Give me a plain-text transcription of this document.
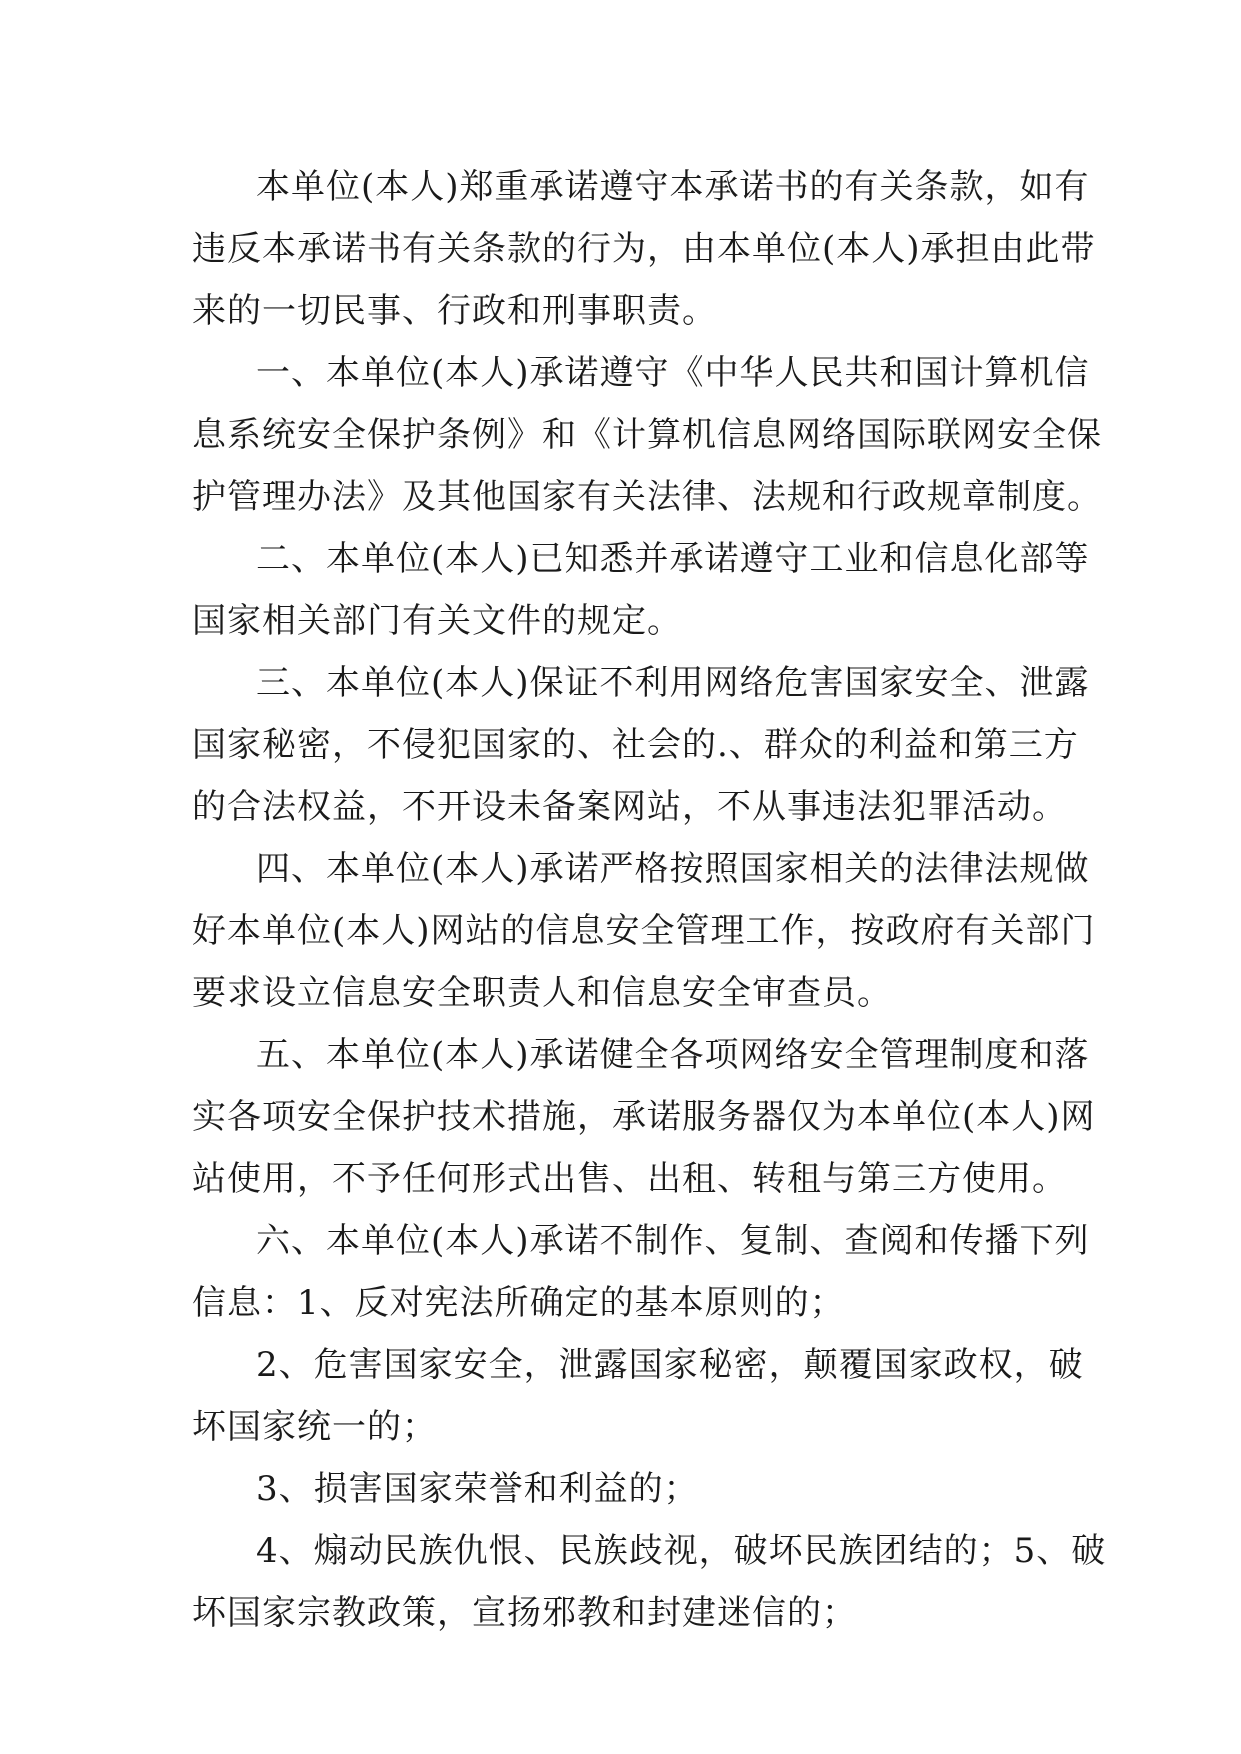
本单位(本人)郑重承诺遵守本承诺书的有关条款，如有
违反本承诺书有关条款的行为，由本单位(本人)承担由此带
来的一切民事、行政和刑事职责。
一、本单位(本人)承诺遵守《中华人民共和国计算机信
息系统安全保护条例》和《计算机信息网络国际联网安全保
护管理办法》及其他国家有关法律、法规和行政规章制度。
二、本单位(本人)已知悉并承诺遵守工业和信息化部等
国家相关部门有关文件的规定。
三、本单位(本人)保证不利用网络危害国家安全、泄露
国家秘密，不侵犯国家的、社会的.、群众的利益和第三方
的合法权益，不开设未备案网站，不从事违法犯罪活动。
四、本单位(本人)承诺严格按照国家相关的法律法规做
好本单位(本人)网站的信息安全管理工作，按政府有关部门
要求设立信息安全职责人和信息安全审查员。
五、本单位(本人)承诺健全各项网络安全管理制度和落
实各项安全保护技术措施，承诺服务器仅为本单位(本人)网
站使用，不予任何形式出售、出租、转租与第三方使用。
六、本单位(本人)承诺不制作、复制、查阅和传播下列
信息：1、反对宪法所确定的基本原则的；
2、危害国家安全，泄露国家秘密，颠覆国家政权，破
坏国家统一的；
3、损害国家荣誉和利益的；
4、煽动民族仇恨、民族歧视，破坏民族团结的；5、破
坏国家宗教政策，宣扬邪教和封建迷信的；
